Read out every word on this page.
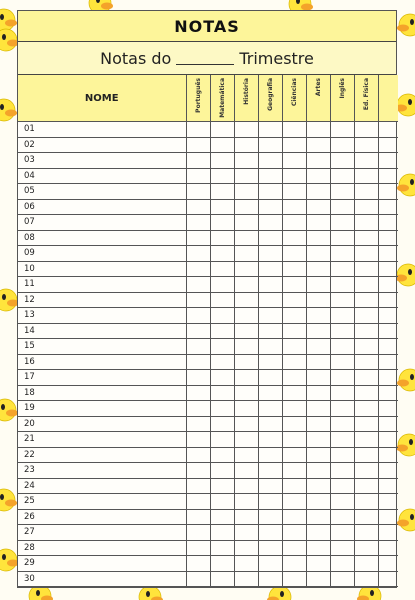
NOTAS
Notas do	Trimestre
NOME	Português	Matemática	História	Geografia	Ciências	Artes	Inglês	Ed. Física	

01									
02									
03									
04									
05									
06									
07									
08									
09									
10									
11									
12									
13									
14									
15									
16									
17									
18									
19									
20									
21									
22									
23									
24									
25									
26									
27									
28									
29									
30									
